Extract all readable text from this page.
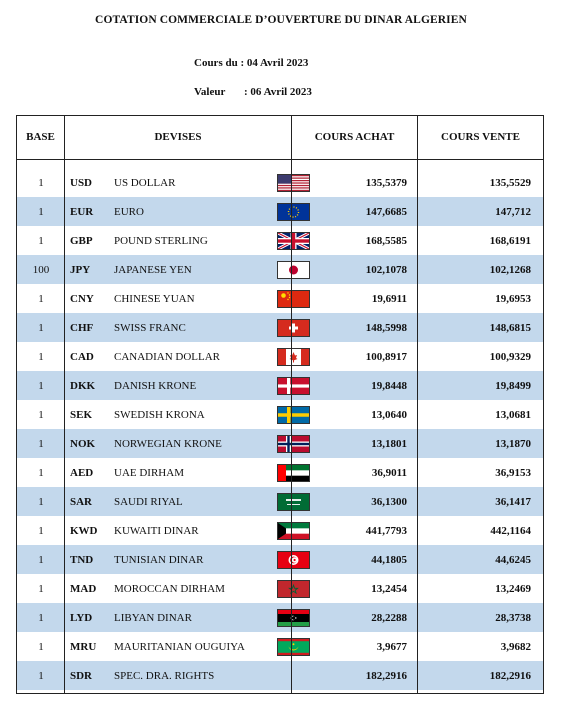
COTATION COMMERCIALE D’OUVERTURE DU DINAR ALGERIEN
Cours du :
04 Avril 2023
Valeur	:
06 Avril 2023
1	USD US DOLLAR	135,5379	135,5529
1	EUR EURO	147,6685	147,712
1	GBP POUND STERLING	168,5585	168,6191
100	JPY JAPANESE YEN	102,1078	102,1268
1	CNY CHINESE YUAN	19,6911	19,6953
1	CHF SWISS FRANC	148,5998	148,6815
1	CAD CANADIAN DOLLAR	100,8917	100,9329
1	DKK DANISH KRONE	19,8448	19,8499
1	SEK SWEDISH KRONA	13,0640	13,0681
1	NOK NORWEGIAN KRONE	13,1801	13,1870
1	AED UAE DIRHAM	36,9011	36,9153
1	SAR SAUDI RIYAL	36,1300	36,1417
1	KWD KUWAITI DINAR	441,7793	442,1164
1	TND TUNISIAN DINAR	44,1805	44,6245
1	MAD MOROCCAN DIRHAM	13,2454	13,2469
1	LYD LIBYAN DINAR	28,2288	28,3738
1	MRU MAURITANIAN OUGUIYA	3,9677	3,9682
1	SDR SPEC. DRA. RIGHTS	182,2916	182,2916
BASE	DEVISES	COURS ACHAT	COURS VENTE
